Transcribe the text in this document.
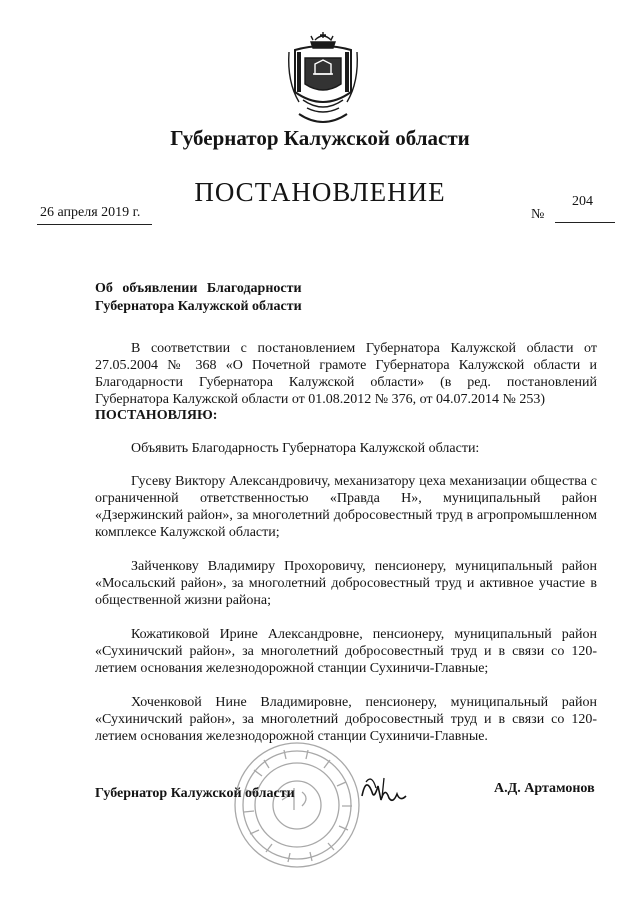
Губернатор Калужской области
ПОСТАНОВЛЕНИЕ
26 апреля 2019 г.	№
204
Об объявлении Благодарности
Губернатора Калужской области
В соответствии с постановлением Губернатора Калужской области от 27.05.2004 № 368 «О Почетной грамоте Губернатора Калужской области и Благодарности Губернатора Калужской области» (в ред. постановлений Губернатора Калужской области от 01.08.2012 № 376, от 04.07.2014 № 253)
ПОСТАНОВЛЯЮ:
Объявить Благодарность Губернатора Калужской области:
Гусеву Виктору Александровичу, механизатору цеха механизации общества с ограниченной ответственностью «Правда Н», муниципальный район «Дзержинский район», за многолетний добросовестный труд в агропромышленном комплексе Калужской области;
Зайченкову Владимиру Прохоровичу, пенсионеру, муниципальный район «Мосальский район», за многолетний добросовестный труд и активное участие в общественной жизни района;
Кожатиковой Ирине Александровне, пенсионеру, муниципальный район «Сухиничский район», за многолетний добросовестный труд и в связи со 120-летием основания железнодорожной станции Сухиничи-Главные;
Хоченковой Нине Владимировне, пенсионеру, муниципальный район «Сухиничский район», за многолетний добросовестный труд и в связи со 120-летием основания железнодорожной станции Сухиничи-Главные.
Губернатор Калужской области	А.Д. Артамонов
